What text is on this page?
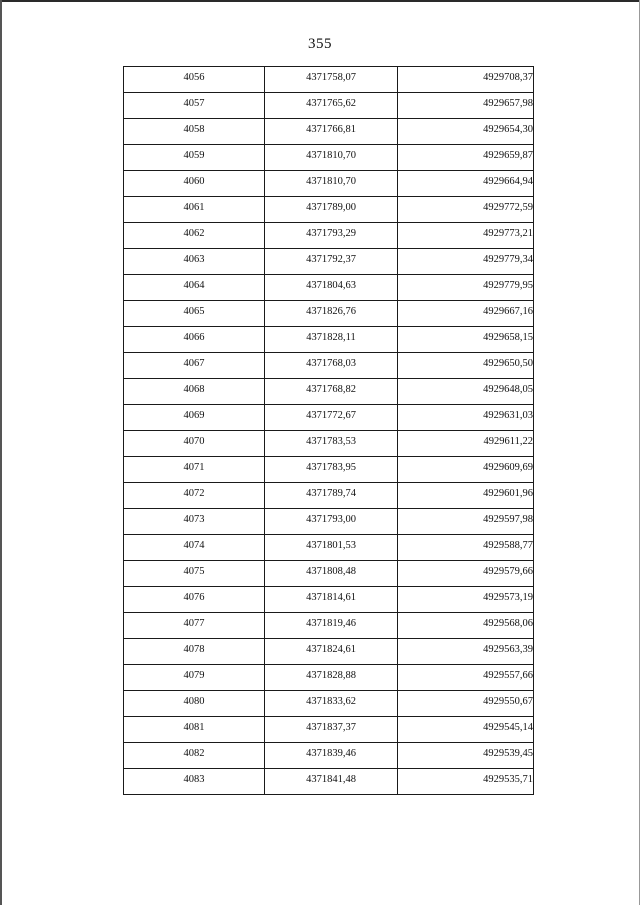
355
4056	4371758,07	4929708,37
4057	4371765,62	4929657,98
4058	4371766,81	4929654,30
4059	4371810,70	4929659,87
4060	4371810,70	4929664,94
4061	4371789,00	4929772,59
4062	4371793,29	4929773,21
4063	4371792,37	4929779,34
4064	4371804,63	4929779,95
4065	4371826,76	4929667,16
4066	4371828,11	4929658,15
4067	4371768,03	4929650,50
4068	4371768,82	4929648,05
4069	4371772,67	4929631,03
4070	4371783,53	4929611,22
4071	4371783,95	4929609,69
4072	4371789,74	4929601,96
4073	4371793,00	4929597,98
4074	4371801,53	4929588,77
4075	4371808,48	4929579,66
4076	4371814,61	4929573,19
4077	4371819,46	4929568,06
4078	4371824,61	4929563,39
4079	4371828,88	4929557,66
4080	4371833,62	4929550,67
4081	4371837,37	4929545,14
4082	4371839,46	4929539,45
4083	4371841,48	4929535,71
